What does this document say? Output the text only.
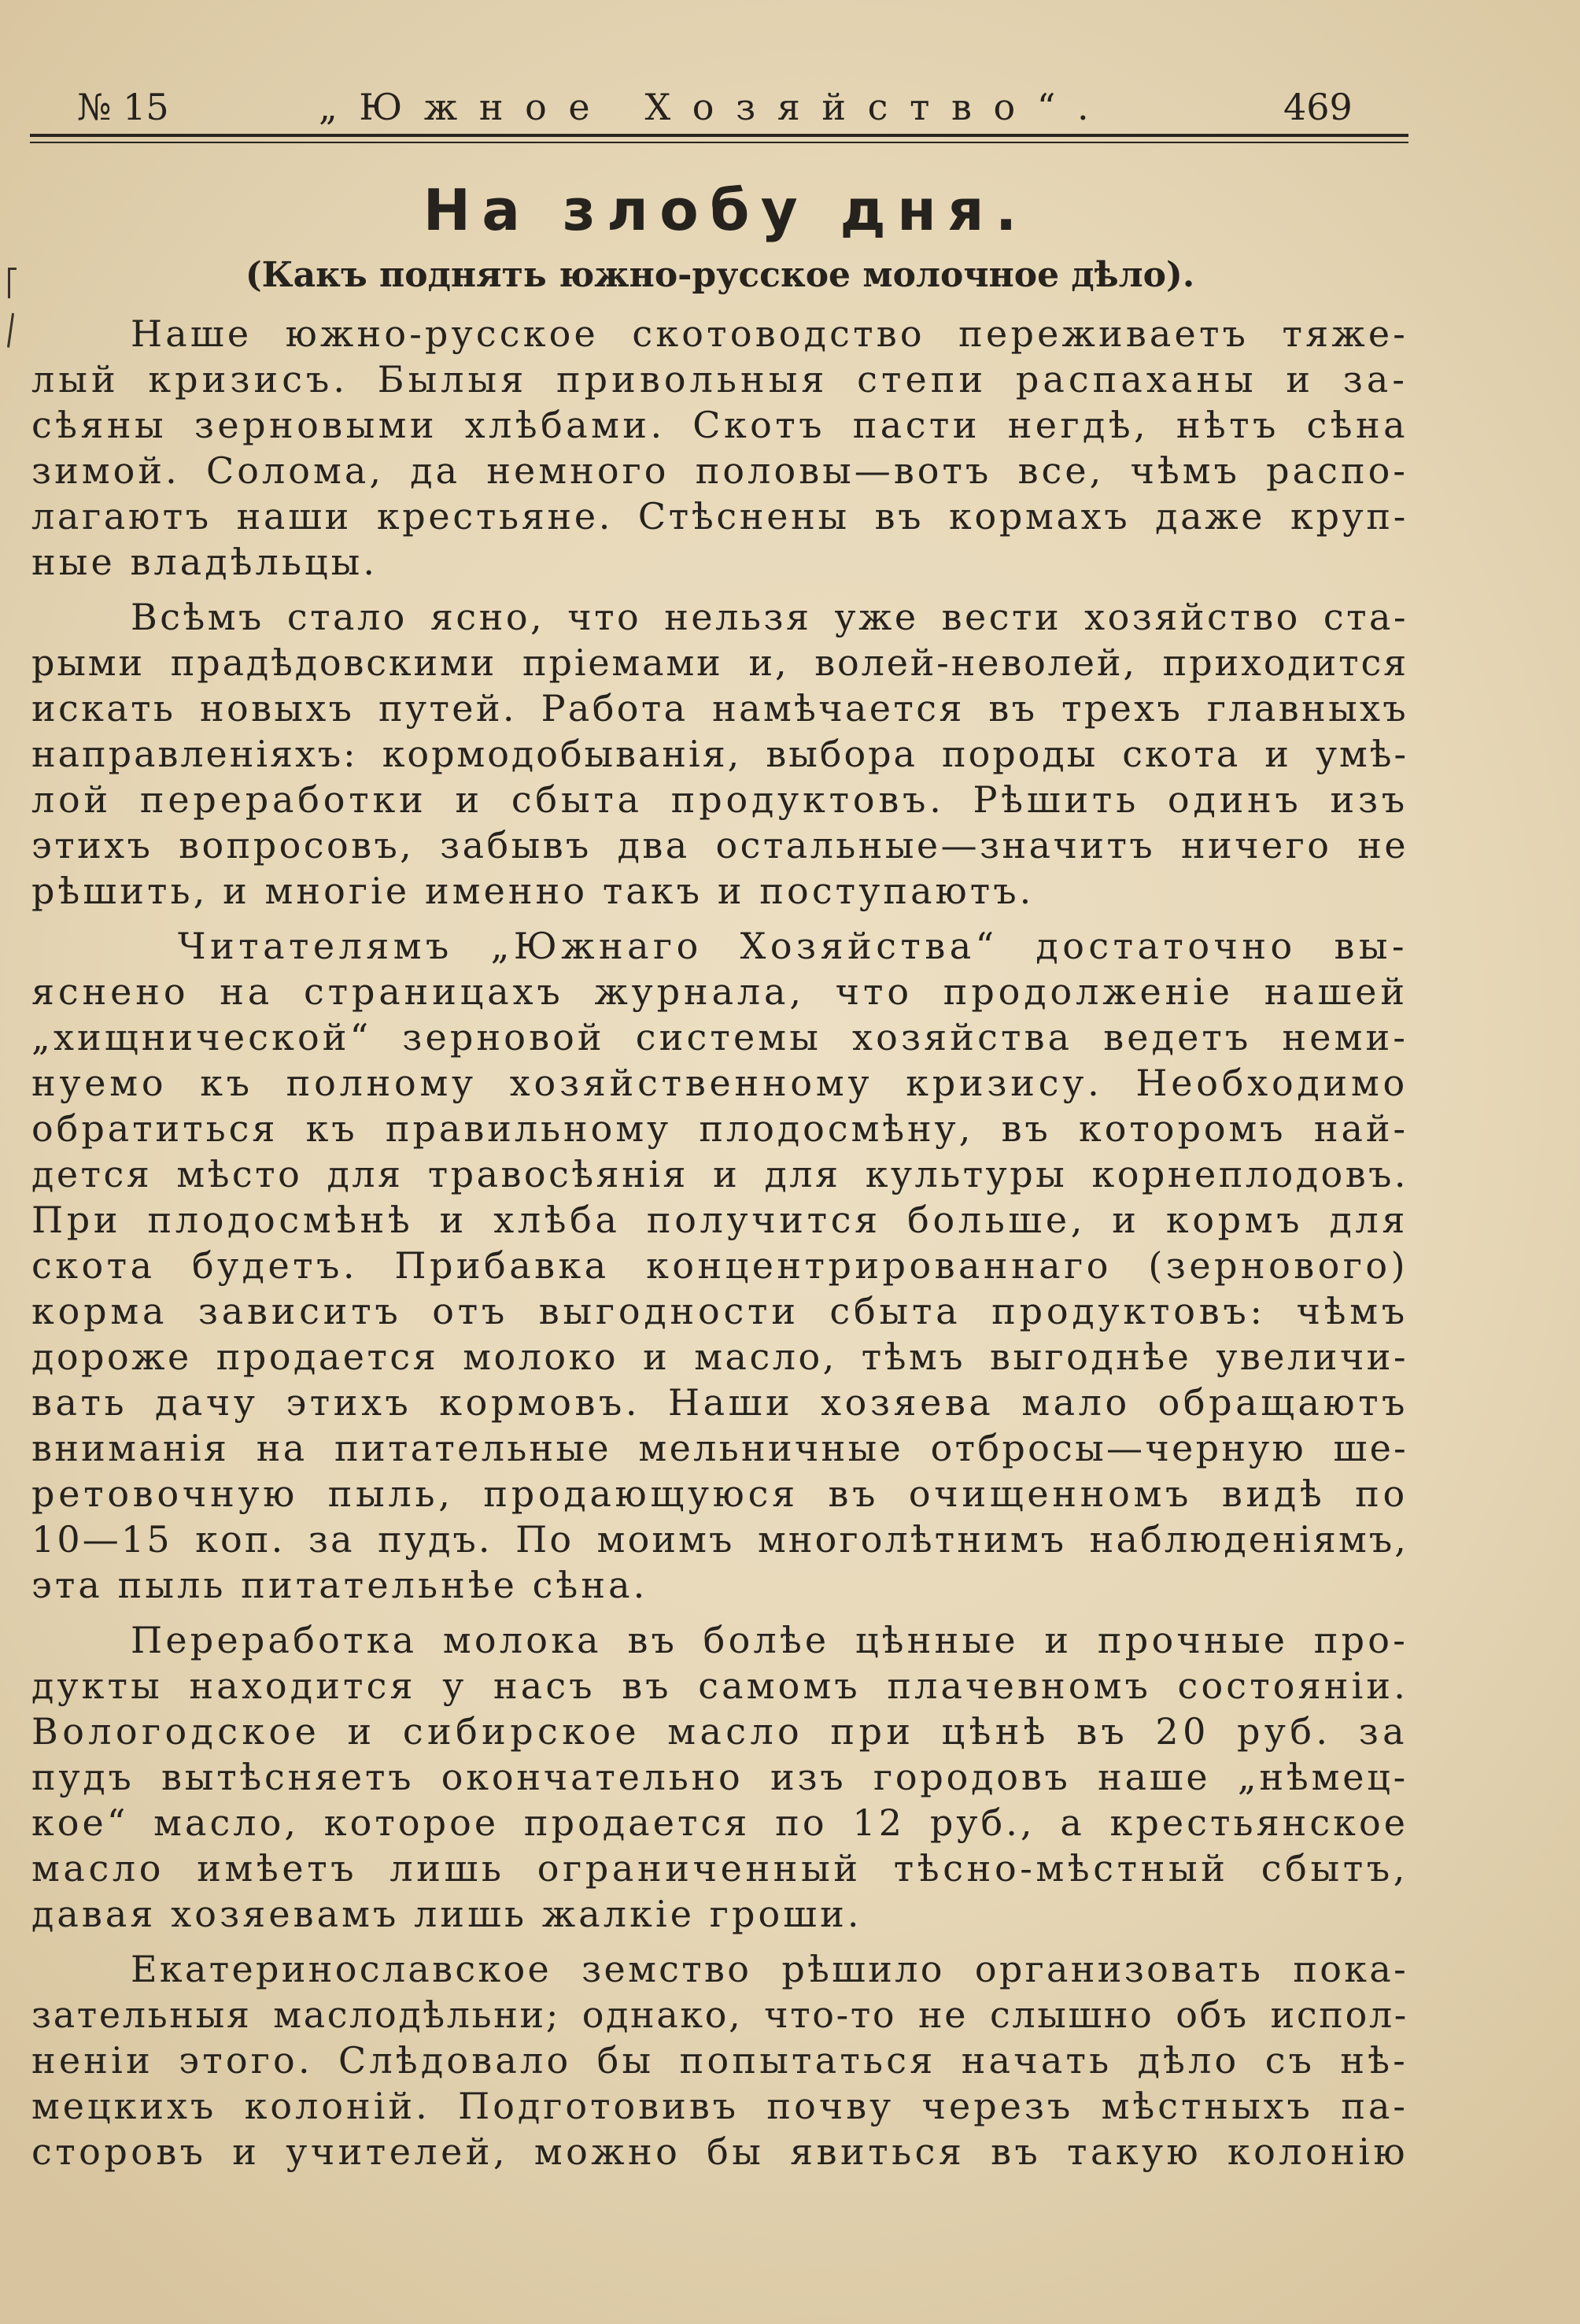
№ 15	„Южное Хозяйство“.	469
На злобу дня.
(Какъ поднять южно-русское молочное дѣло).
Наше южно-русское скотоводство переживаетъ тяже-
лый кризисъ. Былыя привольныя степи распаханы и за-
сѣяны зерновыми хлѣбами. Скотъ пасти негдѣ, нѣтъ сѣна
зимой. Солома, да немного половы—вотъ все, чѣмъ распо-
лагаютъ наши крестьяне. Стѣснены въ кормахъ даже круп-
ные владѣльцы.
Всѣмъ стало ясно, что нельзя уже вести хозяйство ста-
рыми прадѣдовскими пріемами и, волей-неволей, приходится
искать новыхъ путей. Работа намѣчается въ трехъ главныхъ
направленіяхъ: кормодобыванія, выбора породы скота и умѣ-
лой переработки и сбыта продуктовъ. Рѣшить одинъ изъ
этихъ вопросовъ, забывъ два остальные—значитъ ничего не
рѣшить, и многіе именно такъ и поступаютъ.
Читателямъ „Южнаго Хозяйства“ достаточно вы-
яснено на страницахъ журнала, что продолженіе нашей
„хищнической“ зерновой системы хозяйства ведетъ неми-
нуемо къ полному хозяйственному кризису. Необходимо
обратиться къ правильному плодосмѣну, въ которомъ най-
дется мѣсто для травосѣянія и для культуры корнеплодовъ.
При плодосмѣнѣ и хлѣба получится больше, и кормъ для
скота будетъ. Прибавка концентрированнаго (зернового)
корма зависитъ отъ выгодности сбыта продуктовъ: чѣмъ
дороже продается молоко и масло, тѣмъ выгоднѣе увеличи-
вать дачу этихъ кормовъ. Наши хозяева мало обращаютъ
вниманія на питательные мельничные отбросы—черную ше-
ретовочную пыль, продающуюся въ очищенномъ видѣ по
10—15 коп. за пудъ. По моимъ многолѣтнимъ наблюденіямъ,
эта пыль питательнѣе сѣна.
Переработка молока въ болѣе цѣнные и прочные про-
дукты находится у насъ въ самомъ плачевномъ состояніи.
Вологодское и сибирское масло при цѣнѣ въ 20 руб. за
пудъ вытѣсняетъ окончательно изъ городовъ наше „нѣмец-
кое“ масло, которое продается по 12 руб., а крестьянское
масло имѣетъ лишь ограниченный тѣсно-мѣстный сбытъ,
давая хозяевамъ лишь жалкіе гроши.
Екатеринославское земство рѣшило организовать пока-
зательныя маслодѣльни; однако, что-то не слышно объ испол-
неніи этого. Слѣдовало бы попытаться начать дѣло съ нѣ-
мецкихъ колоній. Подготовивъ почву черезъ мѣстныхъ па-
сторовъ и учителей, можно бы явиться въ такую колонію
